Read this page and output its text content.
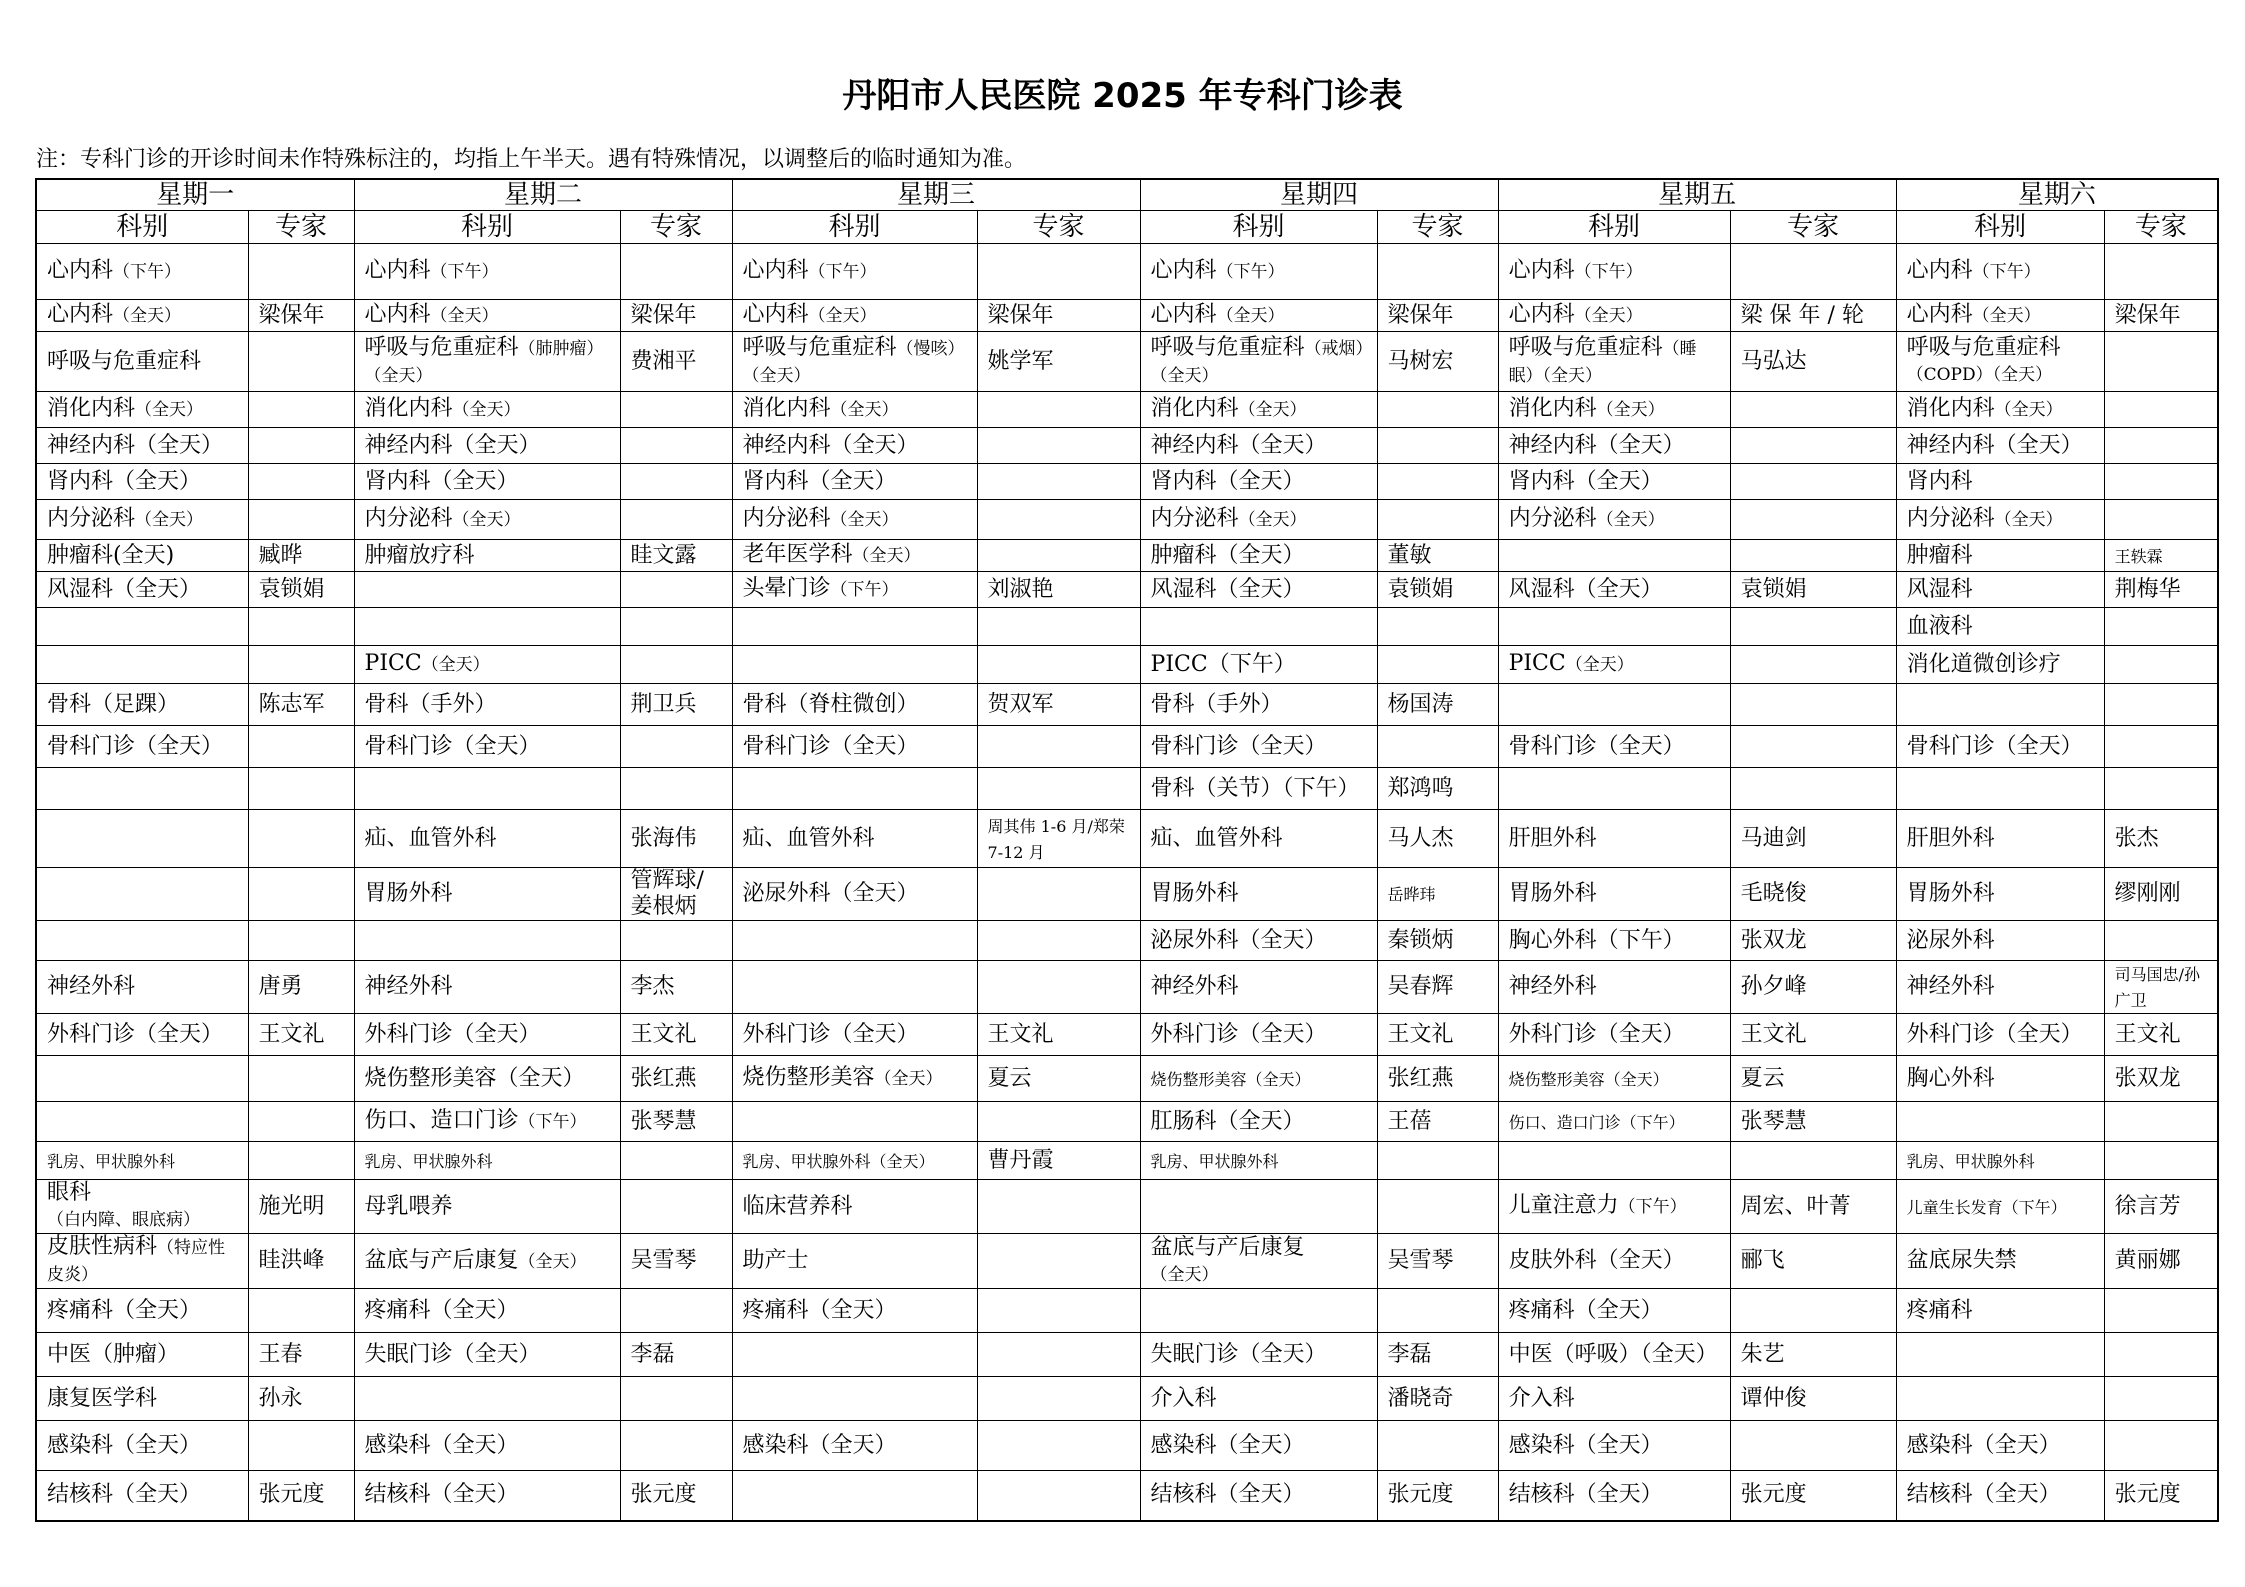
丹阳市人民医院 2025 年专科门诊表
注：专科门诊的开诊时间未作特殊标注的，均指上午半天。遇有特殊情况，以调整后的临时通知为准。
星期一		星期二		星期三		星期四		星期五		星期六	
科别	专家	科别	专家	科别	专家	科别	专家	科别	专家	科别	专家
心内科（下午）		心内科（下午）		心内科（下午）		心内科（下午）		心内科（下午）		心内科（下午）	
心内科（全天）	梁保年	心内科（全天）	梁保年	心内科（全天）	梁保年	心内科（全天）	梁保年	心内科（全天）	梁 保 年 / 轮	心内科（全天）	梁保年
呼吸与危重症科		呼吸与危重症科（肺肿瘤）（全天）	费湘平	呼吸与危重症科（慢咳）（全天）	姚学军	呼吸与危重症科（戒烟）（全天）	马树宏	呼吸与危重症科（睡眠）（全天）	马弘达	呼吸与危重症科（COPD）（全天）	
消化内科（全天）		消化内科（全天）		消化内科（全天）		消化内科（全天）		消化内科（全天）		消化内科（全天）	
神经内科（全天）		神经内科（全天）		神经内科（全天）		神经内科（全天）		神经内科（全天）		神经内科（全天）	
肾内科（全天）		肾内科（全天）		肾内科（全天）		肾内科（全天）		肾内科（全天）		肾内科	
内分泌科（全天）		内分泌科（全天）		内分泌科（全天）		内分泌科（全天）		内分泌科（全天）		内分泌科（全天）	
肿瘤科(全天)	臧晔	肿瘤放疗科	眭文露	老年医学科（全天）		肿瘤科（全天）	董敏			肿瘤科	王轶霖
风湿科（全天）	袁锁娟			头晕门诊（下午）	刘淑艳	风湿科（全天）	袁锁娟	风湿科（全天）	袁锁娟	风湿科	荆梅华
										血液科	
		PICC（全天）				PICC（下午）		PICC（全天）		消化道微创诊疗	
骨科（足踝）	陈志军	骨科（手外）	荆卫兵	骨科（脊柱微创）	贺双军	骨科（手外）	杨国涛				
骨科门诊（全天）		骨科门诊（全天）		骨科门诊（全天）		骨科门诊（全天）		骨科门诊（全天）		骨科门诊（全天）	
						骨科（关节）（下午）	郑鸿鸣				
		疝、血管外科	张海伟	疝、血管外科	周其伟 1-6 月/郑荣 7-12 月	疝、血管外科	马人杰	肝胆外科	马迪剑	肝胆外科	张杰
		胃肠外科	管辉球/姜根炳	泌尿外科（全天）		胃肠外科	岳晔玮	胃肠外科	毛晓俊	胃肠外科	缪刚刚
						泌尿外科（全天）	秦锁炳	胸心外科（下午）	张双龙	泌尿外科	
神经外科	唐勇	神经外科	李杰			神经外科	吴春辉	神经外科	孙夕峰	神经外科	司马国忠/孙广卫
外科门诊（全天）	王文礼	外科门诊（全天）	王文礼	外科门诊（全天）	王文礼	外科门诊（全天）	王文礼	外科门诊（全天）	王文礼	外科门诊（全天）	王文礼
		烧伤整形美容（全天）	张红燕	烧伤整形美容（全天）	夏云	烧伤整形美容（全天）	张红燕	烧伤整形美容（全天）	夏云	胸心外科	张双龙
		伤口、造口门诊（下午）	张琴慧			肛肠科（全天）	王蓓	伤口、造口门诊（下午）	张琴慧		
乳房、甲状腺外科		乳房、甲状腺外科		乳房、甲状腺外科（全天）	曹丹霞	乳房、甲状腺外科				乳房、甲状腺外科	
眼科（白内障、眼底病）	施光明	母乳喂养		临床营养科				儿童注意力（下午）	周宏、叶菁	儿童生长发育（下午）	徐言芳
皮肤性病科（特应性皮炎）	眭洪峰	盆底与产后康复（全天）	吴雪琴	助产士		盆底与产后康复（全天）	吴雪琴	皮肤外科（全天）	郦飞	盆底尿失禁	黄丽娜
疼痛科（全天）		疼痛科（全天）		疼痛科（全天）				疼痛科（全天）		疼痛科	
中医（肿瘤）	王春	失眠门诊（全天）	李磊			失眠门诊（全天）	李磊	中医（呼吸）（全天）	朱艺		
康复医学科	孙永					介入科	潘晓奇	介入科	谭仲俊		
感染科（全天）		感染科（全天）		感染科（全天）		感染科（全天）		感染科（全天）		感染科（全天）	
结核科（全天）	张元度	结核科（全天）	张元度			结核科（全天）	张元度	结核科（全天）	张元度	结核科（全天）	张元度
